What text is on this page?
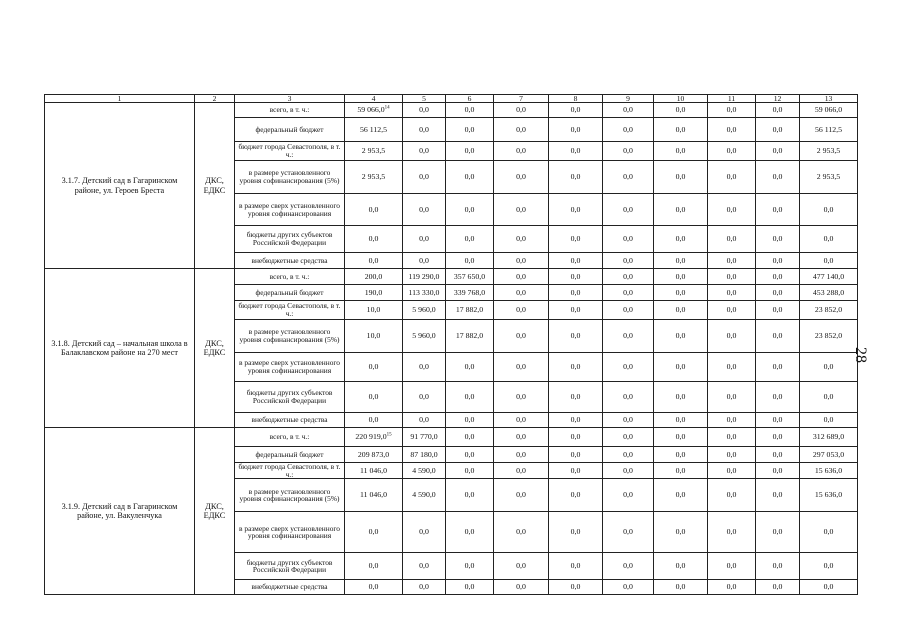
1	2	3	4	5	6	7	8	9	10	11	12	13
3.1.7. Детский сад в Гагаринском районе, ул. Героев Бреста	ДКС, ЕДКС	всего, в т. ч.:	59 066,0$^{14}$	0,0	0,0	0,0	0,0	0,0	0,0	0,0	0,0	59 066,0
		федеральный бюджет	56 112,5	0,0	0,0	0,0	0,0	0,0	0,0	0,0	0,0	56 112,5
		бюджет города Севастополя, в т. ч.:	2 953,5	0,0	0,0	0,0	0,0	0,0	0,0	0,0	0,0	2 953,5
		в размере установленного уровня софинансирования (5%)	2 953,5	0,0	0,0	0,0	0,0	0,0	0,0	0,0	0,0	2 953,5
		в размере сверх установленного уровня софинансирования	0,0	0,0	0,0	0,0	0,0	0,0	0,0	0,0	0,0	0,0
		бюджеты других субъектов Российской Федерации	0,0	0,0	0,0	0,0	0,0	0,0	0,0	0,0	0,0	0,0
		внебюджетные средства	0,0	0,0	0,0	0,0	0,0	0,0	0,0	0,0	0,0	0,0
3.1.8. Детский сад – начальная школа в Балаклавском районе на 270 мест	ДКС, ЕДКС	всего, в т. ч.:	200,0	119 290,0	357 650,0	0,0	0,0	0,0	0,0	0,0	0,0	477 140,0
		федеральный бюджет	190,0	113 330,0	339 768,0	0,0	0,0	0,0	0,0	0,0	0,0	453 288,0
		бюджет города Севастополя, в т. ч.:	10,0	5 960,0	17 882,0	0,0	0,0	0,0	0,0	0,0	0,0	23 852,0
		в размере установленного уровня софинансирования (5%)	10,0	5 960,0	17 882,0	0,0	0,0	0,0	0,0	0,0	0,0	23 852,0
		в размере сверх установленного уровня софинансирования	0,0	0,0	0,0	0,0	0,0	0,0	0,0	0,0	0,0	0,0
		бюджеты других субъектов Российской Федерации	0,0	0,0	0,0	0,0	0,0	0,0	0,0	0,0	0,0	0,0
		внебюджетные средства	0,0	0,0	0,0	0,0	0,0	0,0	0,0	0,0	0,0	0,0
3.1.9. Детский сад в Гагаринском районе, ул. Вакуленчука	ДКС, ЕДКС	всего, в т. ч.:	220 919,0$^{15}$	91 770,0	0,0	0,0	0,0	0,0	0,0	0,0	0,0	312 689,0
		федеральный бюджет	209 873,0	87 180,0	0,0	0,0	0,0	0,0	0,0	0,0	0,0	297 053,0
		бюджет города Севастополя, в т. ч.:	11 046,0	4 590,0	0,0	0,0	0,0	0,0	0,0	0,0	0,0	15 636,0
		в размере установленного уровня софинансирования (5%)	11 046,0	4 590,0	0,0	0,0	0,0	0,0	0,0	0,0	0,0	15 636,0
		в размере сверх установленного уровня софинансирования	0,0	0,0	0,0	0,0	0,0	0,0	0,0	0,0	0,0	0,0
		бюджеты других субъектов Российской Федерации	0,0	0,0	0,0	0,0	0,0	0,0	0,0	0,0	0,0	0,0
		внебюджетные средства	0,0	0,0	0,0	0,0	0,0	0,0	0,0	0,0	0,0	0,0
28
